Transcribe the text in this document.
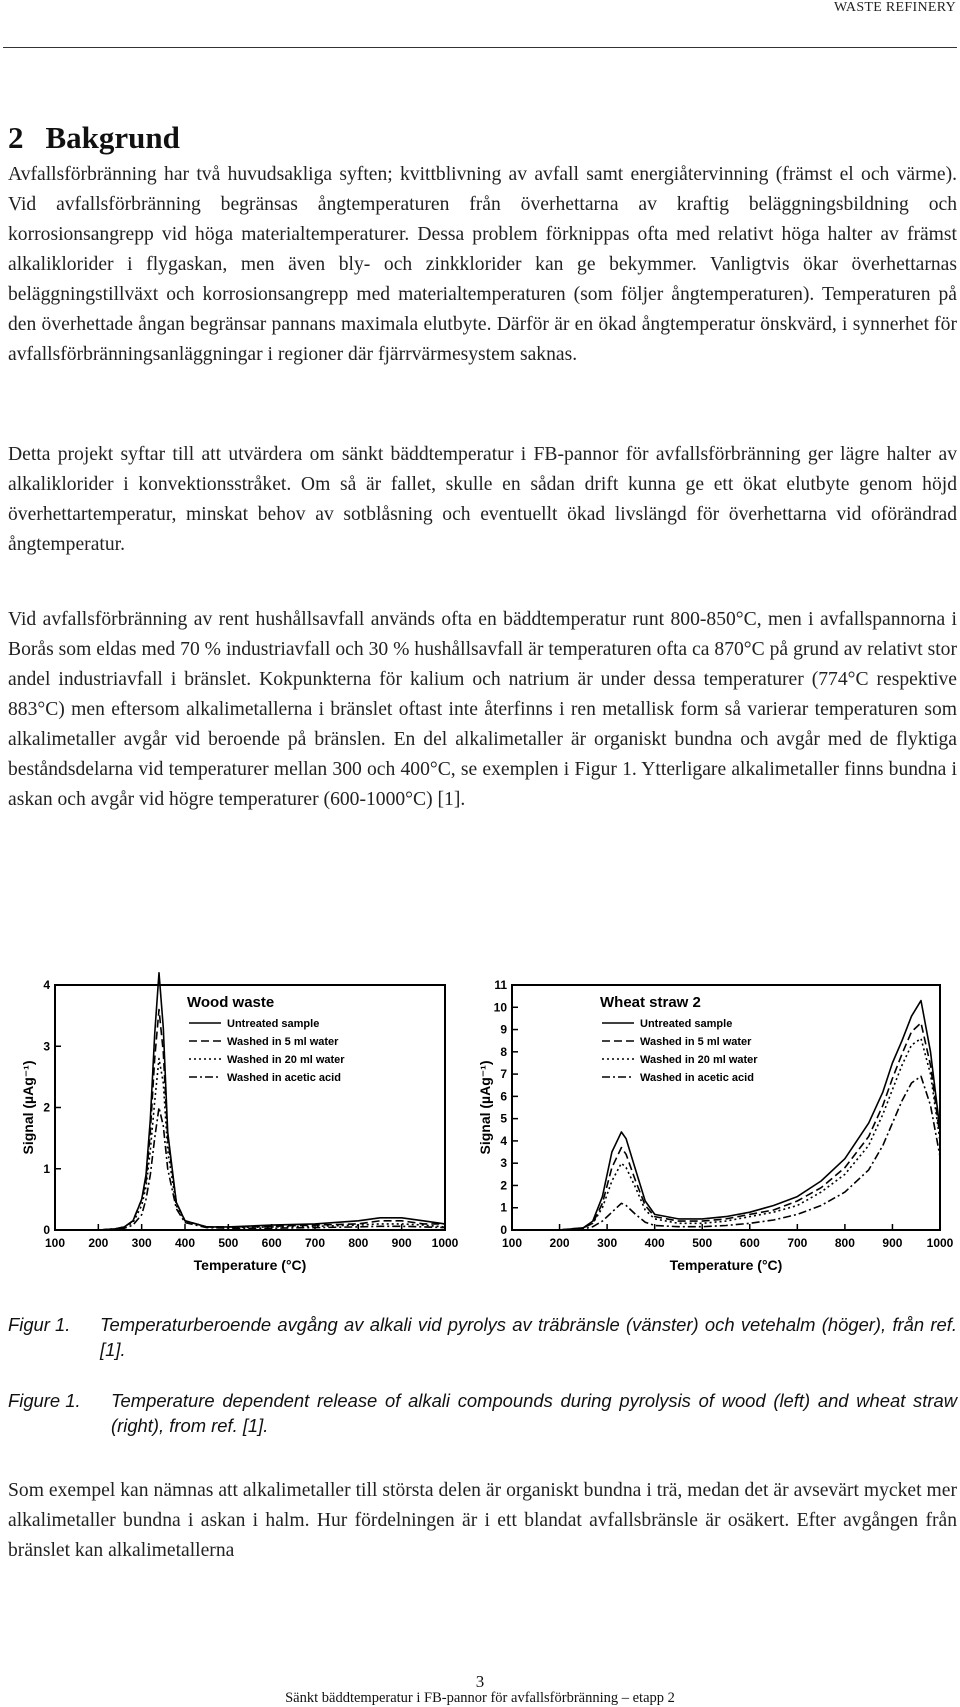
WASTE REFINERY
2 Bakgrund

Avfallsförbränning har två huvudsakliga syften; kvittblivning av avfall samt energiåtervinning (främst el och värme). Vid avfallsförbränning begränsas ångtemperaturen från överhettarna av kraftig beläggningsbildning och korrosionsangrepp vid höga materialtemperaturer. Dessa problem förknippas ofta med relativt höga halter av främst alkaliklorider i flygaskan, men även bly- och zinkklorider kan ge bekymmer. Vanligtvis ökar överhettarnas beläggningstillväxt och korrosionsangrepp med materialtemperaturen (som följer ångtemperaturen). Temperaturen på den överhettade ångan begränsar pannans maximala elutbyte. Därför är en ökad ångtemperatur önskvärd, i synnerhet för avfallsförbränningsanläggningar i regioner där fjärrvärmesystem saknas.

Detta projekt syftar till att utvärdera om sänkt bäddtemperatur i FB-pannor för avfallsförbränning ger lägre halter av alkaliklorider i konvektionsstråket. Om så är fallet, skulle en sådan drift kunna ge ett ökat elutbyte genom höjd överhettartemperatur, minskat behov av sotblåsning och eventuellt ökad livslängd för överhettarna vid oförändrad ångtemperatur.

Vid avfallsförbränning av rent hushållsavfall används ofta en bäddtemperatur runt 800-850°C, men i avfallspannorna i Borås som eldas med 70 % industriavfall och 30 % hushållsavfall är temperaturen ofta ca 870°C på grund av relativt stor andel industriavfall i bränslet. Kokpunkterna för kalium och natrium är under dessa temperaturer (774°C respektive 883°C) men eftersom alkalimetallerna i bränslet oftast inte återfinns i ren metallisk form så varierar temperaturen som alkalimetaller avgår vid beroende på bränslen. En del alkalimetaller är organiskt bundna och avgår med de flyktiga beståndsdelarna vid temperaturer mellan 300 och 400°C, se exemplen i Figur 1. Ytterligare alkalimetaller finns bundna i askan och avgår vid högre temperaturer (600-1000°C) [1].

100 200 300 400 500 600 700 800 900 1000
0
1
2
3
4
Temperature (°C)
Signal (µAg⁻¹)
Wood waste
Untreated sample
Washed in 5 ml water
Washed in 20 ml water
Washed in acetic acid
100 200 300 400 500 600 700 800 900 1000
0
1
2
3
4
5
6
7
8
9
10
11
Temperature (°C)
Signal (µAg⁻¹)
Wheat straw 2
Untreated sample
Washed in 5 ml water
Washed in 20 ml water
Washed in acetic acid
Figur 1. Temperaturberoende avgång av alkali vid pyrolys av träbränsle (vänster) och vetehalm (höger), från ref. [1].
Figure 1. Temperature dependent release of alkali compounds during pyrolysis of wood (left) and wheat straw (right), from ref. [1].

Som exempel kan nämnas att alkalimetaller till största delen är organiskt bundna i trä, medan det är avsevärt mycket mer alkalimetaller bundna i askan i halm. Hur fördelningen är i ett blandat avfallsbränsle är osäkert. Efter avgången från bränslet kan alkalimetallerna

3
Sänkt bäddtemperatur i FB-pannor för avfallsförbränning – etapp 2
